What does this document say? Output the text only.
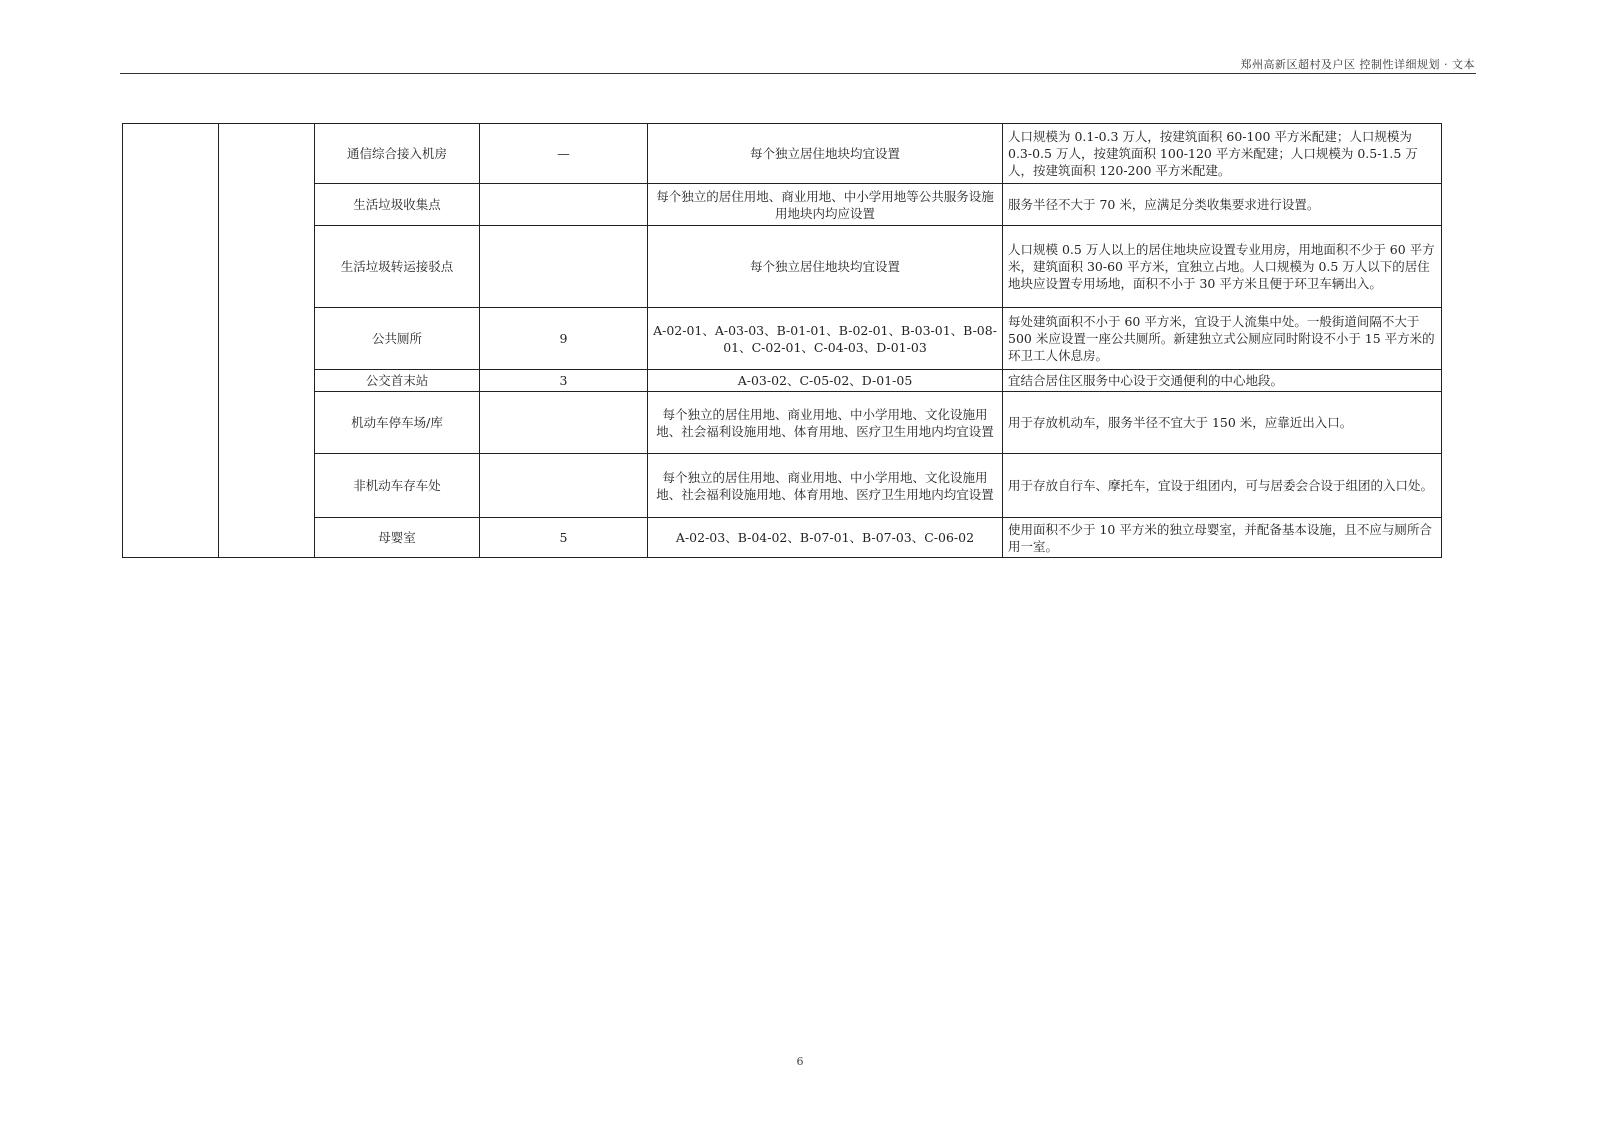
郑州高新区超村及户区 控制性详细规划 · 文本
		通信综合接入机房	—	每个独立居住地块均宜设置	人口规模为 0.1-0.3 万人，按建筑面积 60-100 平方米配建；人口规模为 0.3-0.5 万人，按建筑面积 100-120 平方米配建；人口规模为 0.5-1.5 万人，按建筑面积 120-200 平方米配建。
		生活垃圾收集点		每个独立的居住用地、商业用地、中小学用地等公共服务设施用地块内均应设置	服务半径不大于 70 米，应满足分类收集要求进行设置。
		生活垃圾转运接驳点		每个独立居住地块均宜设置	人口规模 0.5 万人以上的居住地块应设置专业用房，用地面积不少于 60 平方米，建筑面积 30-60 平方米，宜独立占地。人口规模为 0.5 万人以下的居住地块应设置专用场地，面积不小于 30 平方米且便于环卫车辆出入。
		公共厕所	9	A-02-01、A-03-03、B-01-01、B-02-01、B-03-01、B-08-01、C-02-01、C-04-03、D-01-03	每处建筑面积不小于 60 平方米，宜设于人流集中处。一般街道间隔不大于 500 米应设置一座公共厕所。新建独立式公厕应同时附设不小于 15 平方米的环卫工人休息房。
		公交首末站	3	A-03-02、C-05-02、D-01-05	宜结合居住区服务中心设于交通便利的中心地段。
		机动车停车场/库		每个独立的居住用地、商业用地、中小学用地、文化设施用地、社会福利设施用地、体育用地、医疗卫生用地内均宜设置	用于存放机动车，服务半径不宜大于 150 米，应靠近出入口。
		非机动车存车处		每个独立的居住用地、商业用地、中小学用地、文化设施用地、社会福利设施用地、体育用地、医疗卫生用地内均宜设置	用于存放自行车、摩托车，宜设于组团内，可与居委会合设于组团的入口处。
		母婴室	5	A-02-03、B-04-02、B-07-01、B-07-03、C-06-02	使用面积不少于 10 平方米的独立母婴室，并配备基本设施，且不应与厕所合用一室。
6
